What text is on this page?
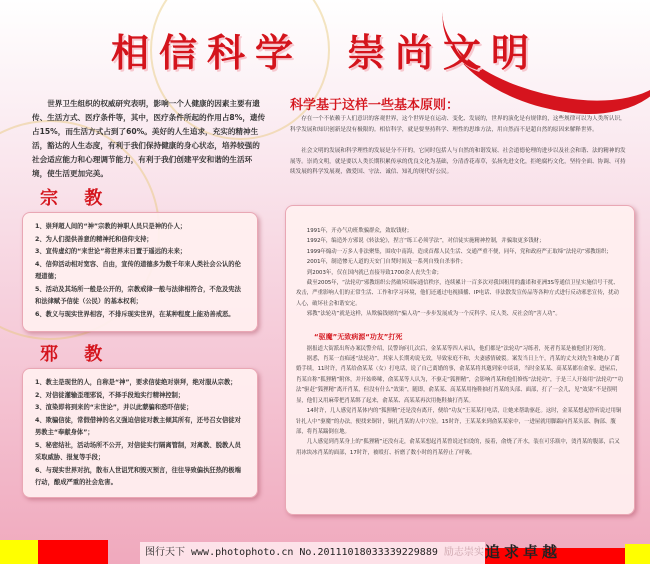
相信科学 崇尚文明

世界卫生组织的权威研究表明，影响一个人健康的因素主要有遗传、生活方式、医疗条件等，其中，医疗条件所起的作用占8%，遗传占15%，而生活方式占到了60%。美好的人生追求，充实的精神生活，豁达的人生态度，有利于我们保持健康的身心状态，培养较强的社会适应能力和心理调节能力，有利于我们创建平安和谐的生活环境，使生活更加完美。

科学基于这样一些基本原则：

存在一个不依赖于人们意识的客观世界，这个世界是在运动、变化、发展的，世界的演化是有规律的，这些规律可以为人类所认识，科学发展和知识创新是没有极限的。相信科学，就是要坚持科学、理性的思维方法，用自然而不是超自然的原因来解释世界。

社会文明的发展和科学理性的发展是分不开的，它同时包括人与自然的和谐发展、社会道德伦理的进步以及社会和谐、法的精神的发展等。崇尚文明，就是要以人类长期积累传承的优良文化为基础，分清香花毒草，弘扬先进文化，拒绝腐朽文化，坚持全面、协调、可持续发展的科学发展观，做爱国、守法、诚信、知礼的现代好公民。

宗 教
1、崇拜超人间的“神”宗教的神职人员只是神的仆人；
2、为人们提供善意的精神托和信仰支持；
3、宣传虚幻的“来世论”将世界末日置于遥远的未来；
4、信仰活动相对宽容、自由，宣传的道德多为数千年来人类社会公认的伦理道德；
5、活动及其场所一般是公开的，宗教戒律一般与法律相符合，不危及宪法和法律赋予信徒（公民）的基本权利；
6、教义与现实世界相容，不排斥现实世界，在某种程度上能劝善戒恶。
邪 教
1、教主是现世的人，自称是“神”，要求信徒绝对崇拜，绝对服从宗教；
2、对信徒灌输歪理邪说，不择手段地实行精神控制；
3、渲染即将到来的“末世论”，并以此蒙骗和恐吓信徒；
4、欺骗信徒，常假借神的名义强迫信徒对教主倾其所有，还号召女信徒对男教主“奉献身体”；
5、秘密结社，活动场所不公开，对信徒实行隔离管制，对离教、脱教人员采取威胁、报复等手段；
6、与现实世界对抗，散布人世诅咒和毁灭预言，往往导致偏执狂热的极端行动，酿成严重的社会危害。

1991年，开办气功班欺骗群众，敛取钱财；

1992年，编造外方邪说《转法轮》，捏言“练工必须学法”，对信徒实施精神控制，并骗取更多钱财；

1999年煽动一万多人非法聚集，围攻中南海，造成首都人民生活、交通严重不便，同年，党和政府严正取缔“法轮功”邪教组织；

2001年，制造惨无人道的天安门自焚时间及一系列自残自杀事件；

到2003年，仅在国内就已直接导致1700余人丧失生命；

截至2005年，“法轮功”邪教组织公然破坏国际通信秩序，连续累计一百多次对我国租用的鑫诺和亚洲3S等通信卫星实施信号干扰、攻击，严重影响人们的正常生活、工作和学习环境，他们还通过电视插播、IP电话、非法散发宣传品等各种方式进行反动邪恶宣传，扰动人心，破坏社会和谐安定。

邪教“法轮功”就是这样，从欺骗钱财的“骗人功”一步步发展成为一个反科学、反人类、反社会的“害人功”。

“驱魔”无致病源“功友”打死

据报道大街派出所办案民警介绍，民警询问几次后，金某某等四人承认，他们都是“法轮功”习练者，死者肖某是被他们打死的。

据悉，肖某一直痴迷“法轮功”，其家人长期劝说无效，导致家庭不和，夫妻感情破裂。案发当日上午，肖某的丈夫刘先生和她办了离婚手续，11时许，肖某给俞某某（女）打电话，说了自己离婚的事，俞某某将其邀到家中谈谈，当时金某某、高某某都在俞家。进屋后，肖某自称“狐狸精”附体，并开始哆嗦，俞某某等人认为，不驱走“狐狸精”，会影响肖某和他们修炼“法轮功”，于是三人开始用“法轮功”“功法”驱赶“狐狸精”离开肖某，但没有什么“效果”，随即，俞某某、高某某用拖鞋抽打肖某的头部、面部，打了一会儿，见“效果”不是很明显，他们又用麻带把肖某绑了起来，俞某某、高某某再次用拖鞋抽打肖某。

14时许，几人感觉肖某体内的“狐狸精”还是没有离开，便给“功友”王某某打电话，让她来帮助驱赶。这时，金某某想起曾听说过用铜针扎人中“驱魔”的办法，便找来铜针，铜扎肖某的人中穴位。15时许，王某某来到俞某某家中，一进屋就用脚踹向肖某头部、胸部、腹部，将肖某踹倒在地。

几人感觉到肖某身上的“狐狸精”还没有走，俞某某想起肖某曾说过怕烫的，接着，俞烧了开水，装在可乐瓶中，烫肖某的腹部，后又用冰块冰肖某的面部，17时许，被殴打、折磨了数小时的肖某停止了呼吸。

图行天下 www.photophoto.cn No.20111018033339229889 励志崇实 追求卓越
